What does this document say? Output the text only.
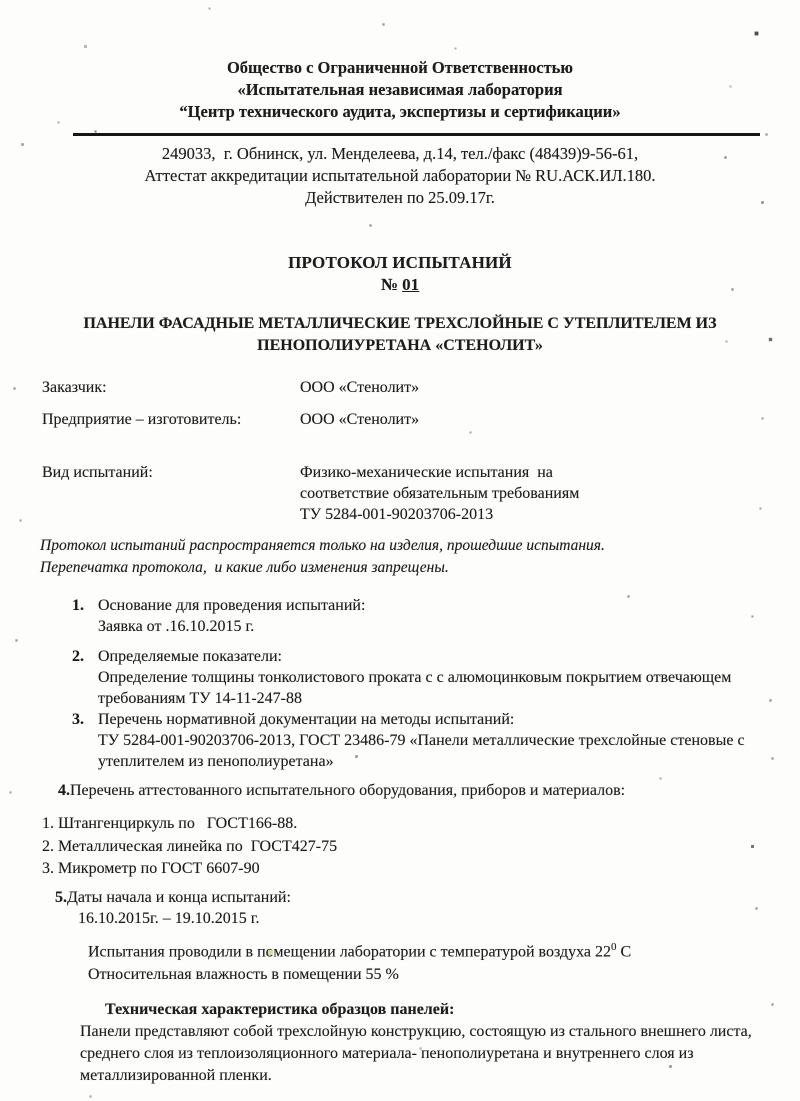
Общество с Ограниченной Ответственностью
«Испытательная независимая лаборатория
“Центр технического аудита, экспертизы и сертификации»
249033,  г. Обнинск, ул. Менделеева, д.14, тел./факс (48439)9-56-61,
Аттестат аккредитации испытательной лаборатории № RU.АСК.ИЛ.180.
Действителен по 25.09.17г.
ПРОТОКОЛ ИСПЫТАНИЙ
№ 01
ПАНЕЛИ ФАСАДНЫЕ МЕТАЛЛИЧЕСКИЕ ТРЕХСЛОЙНЫЕ С УТЕПЛИТЕЛЕМ ИЗ
ПЕНОПОЛИУРЕТАНА «СТЕНОЛИТ»
Заказчик:	ООО «Стенолит»
Предприятие – изготовитель:	ООО «Стенолит»
Вид испытаний:	Физико-механические испытания  на
соответствие обязательным требованиям
ТУ 5284-001-90203706-2013
Протокол испытаний распространяется только на изделия, прошедшие испытания.
Перепечатка протокола,  и какие либо изменения запрещены.
1. Основание для проведения испытаний:
Заявка от .16.10.2015 г.
2. Определяемые показатели:
Определение толщины тонколистового проката с с алюмоцинковым покрытием отвечающем требованиям ТУ 14-11-247-88
3. Перечень нормативной документации на методы испытаний:
ТУ 5284-001-90203706-2013, ГОСТ 23486-79 «Панели металлические трехслойные стеновые с утеплителем из пенополиуретана»
4.Перечень аттестованного испытательного оборудования, приборов и материалов:
1. Штангенциркуль по   ГОСТ166-88.
2. Металлическая линейка по  ГОСТ427-75
3. Микрометр по ГОСТ 6607-90
5.Даты начала и конца испытаний:
16.10.2015г. – 19.10.2015 г.
Испытания проводили в помещении лаборатории с температурой воздуха $22^0$ С
Относительная влажность в помещении 55 %
Техническая характеристика образцов панелей:
Панели представляют собой трехслойную конструкцию, состоящую из стального внешнего листа, среднего слоя из теплоизоляционного материала- пенополиуретана и внутреннего слоя из металлизированной пленки.
